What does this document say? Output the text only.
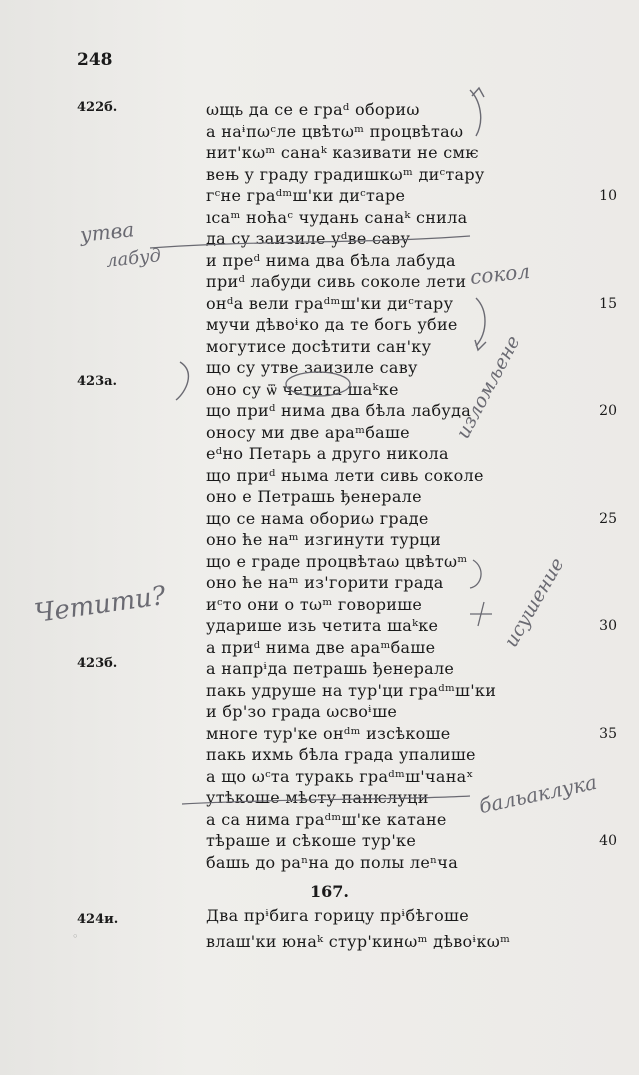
248
422б.
423а.
423б.
424и.
ωщь да се е граᵈ обориω
а наᶤпωᶜле цвѣтωᵐ процвѣтаω
нит'кωᵐ санаᵏ казивати не смѥ
вењ у граду градишкωᵐ диᶜтару
гᶜне граᵈᵐш'ки диᶜтаре
ıсаᵐ ноћаᶜ чудань санаᵏ снила
да су заизиле уᵈве саву
и преᵈ нима два бѣла лабуда
приᵈ лабуди сивь соколе лети
онᵈа вели граᵈᵐш'ки диᶜтару
мучи дѣвоᶤко да те богь убие
могутисе досѣтити сан'ку
що су утве заизиле саву
оно су ѿ четита шаᵏке
що приᵈ нима два бѣла лабуда
оносу ми две араᵐбаше
еᵈно Петарь а друго никола
що приᵈ ньıма лети сивь соколе
оно е Петрашь ђенерале
що се нама обориω граде
оно ће наᵐ изгинути турци
що е граде процвѣтаω цвѣтωᵐ
оно ће наᵐ из'горити града
иᶜто они о тωᵐ говорише
ударише изь четита шаᵏке
а приᵈ нима две араᵐбаше
а напрᶤда петрашь ђенерале
пакь удруше на тур'ци граᵈᵐш'ки
и бр'зо града ωсвоᶤше
многе тур'ке онᵈᵐ изсѣкоше
пакь ихмь бѣла града упалише
а що ωᶜта туракь граᵈᵐш'чанаˣ
утѣкоше мѣсту панѥлуци
а са нима граᵈᵐш'ке катане
тѣраше и сѣкоше тур'ке
башь до раⁿна до полы леⁿча
10
15
20
25
30
35
40
167.
Два прᶤбига горицу прᶤбѣгоше
влаш'ки юнаᵏ стур'кинωᵐ дѣвоᶤкωᵐ
◦
утва
лабуд
сокол
Четити?
изломљене
исушение
бальаклука
